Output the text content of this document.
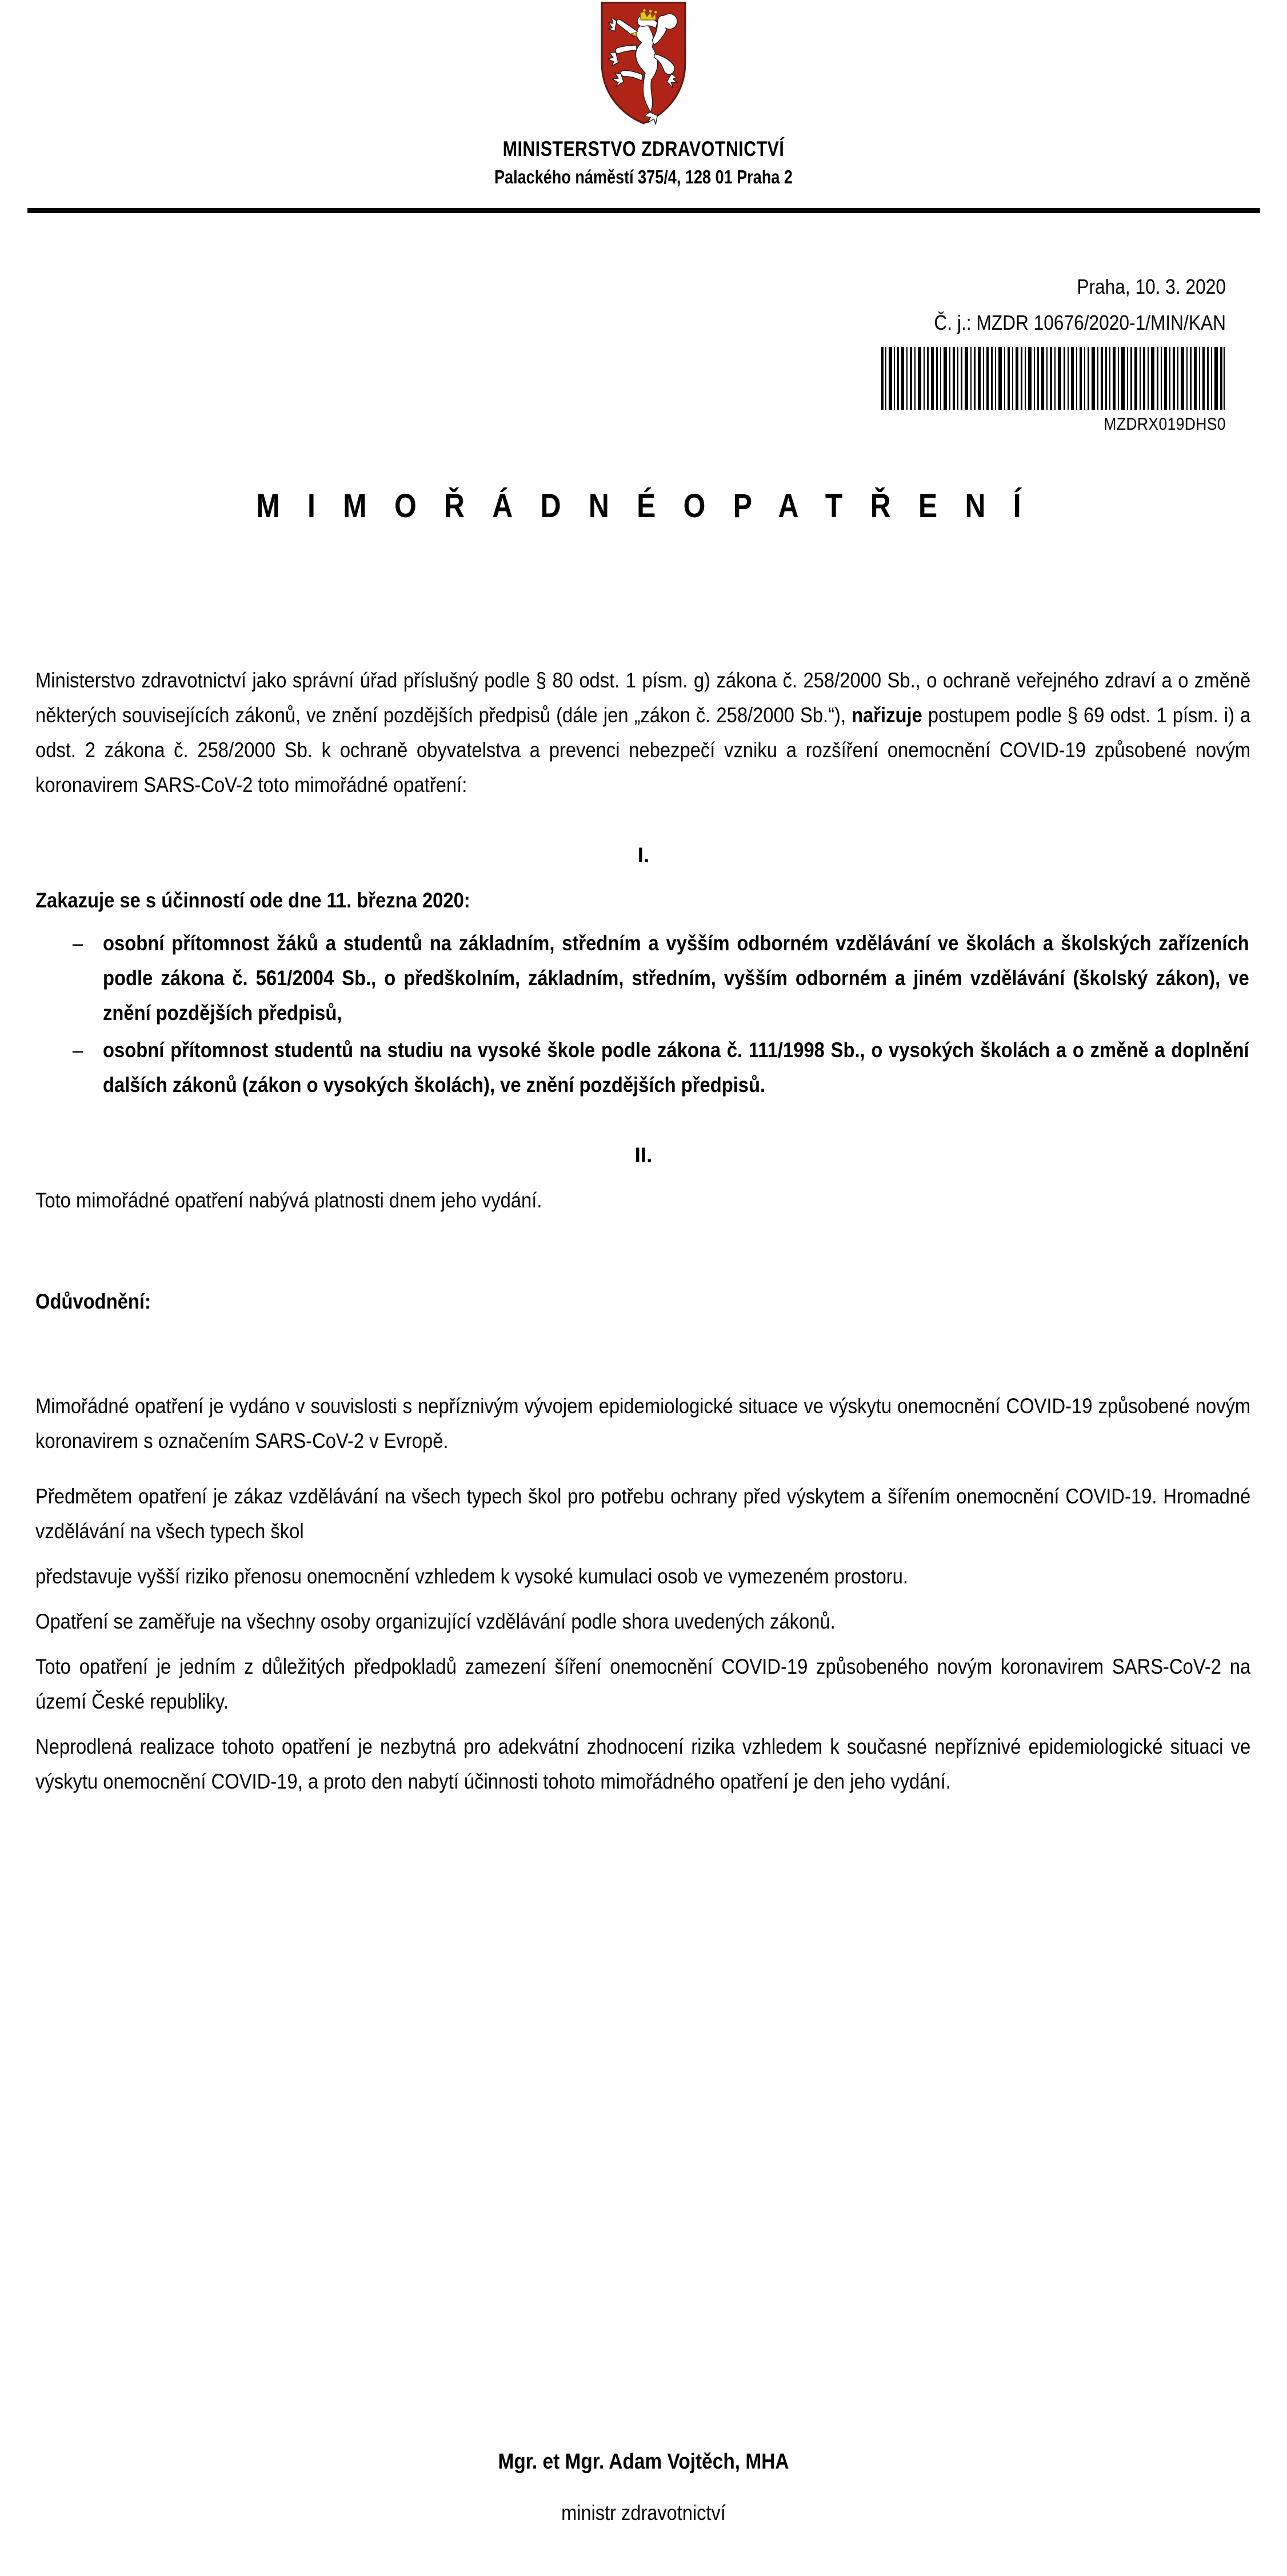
MINISTERSTVO ZDRAVOTNICTVÍ
Palackého náměstí 375/4, 128 01 Praha 2
Praha, 10. 3. 2020
Č. j.: MZDR 10676/2020-1/MIN/KAN
MZDRX019DHS0
M I M O Ř Á D N É O P A T Ř E N Í

Ministerstvo zdravotnictví jako správní úřad příslušný podle § 80 odst. 1 písm. g) zákona č. 258/2000 Sb., o ochraně veřejného zdraví a o změně některých souvisejících zákonů, ve znění pozdějších předpisů (dále jen „zákon č. 258/2000 Sb.“), nařizuje postupem podle § 69 odst. 1 písm. i) a odst. 2 zákona č. 258/2000 Sb. k ochraně obyvatelstva a prevenci nebezpečí vzniku a rozšíření onemocnění COVID-19 způsobené novým koronavirem SARS-CoV-2 toto mimořádné opatření:

I.

Zakazuje se s účinností ode dne 11. března 2020:

– osobní přítomnost žáků a studentů na základním, středním a vyšším odborném vzdělávání ve školách a školských zařízeních podle zákona č. 561/2004 Sb., o předškolním, základním, středním, vyšším odborném a jiném vzdělávání (školský zákon), ve znění pozdějších předpisů,
– osobní přítomnost studentů na studiu na vysoké škole podle zákona č. 111/1998 Sb., o vysokých školách a o změně a doplnění dalších zákonů (zákon o vysokých školách), ve znění pozdějších předpisů.

II.

Toto mimořádné opatření nabývá platnosti dnem jeho vydání.

Odůvodnění:

Mimořádné opatření je vydáno v souvislosti s nepříznivým vývojem epidemiologické situace ve výskytu onemocnění COVID-19 způsobené novým koronavirem s označením SARS-CoV-2 v Evropě.

Předmětem opatření je zákaz vzdělávání na všech typech škol pro potřebu ochrany před výskytem a šířením onemocnění COVID-19. Hromadné vzdělávání na všech typech škol

představuje vyšší riziko přenosu onemocnění vzhledem k vysoké kumulaci osob ve vymezeném prostoru.

Opatření se zaměřuje na všechny osoby organizující vzdělávání podle shora uvedených zákonů.

Toto opatření je jedním z důležitých předpokladů zamezení šíření onemocnění COVID-19 způsobeného novým koronavirem SARS-CoV-2 na území České republiky.

Neprodlená realizace tohoto opatření je nezbytná pro adekvátní zhodnocení rizika vzhledem k současné nepříznivé epidemiologické situaci ve výskytu onemocnění COVID-19, a proto den nabytí účinnosti tohoto mimořádného opatření je den jeho vydání.

Mgr. et Mgr. Adam Vojtěch, MHA
ministr zdravotnictví
